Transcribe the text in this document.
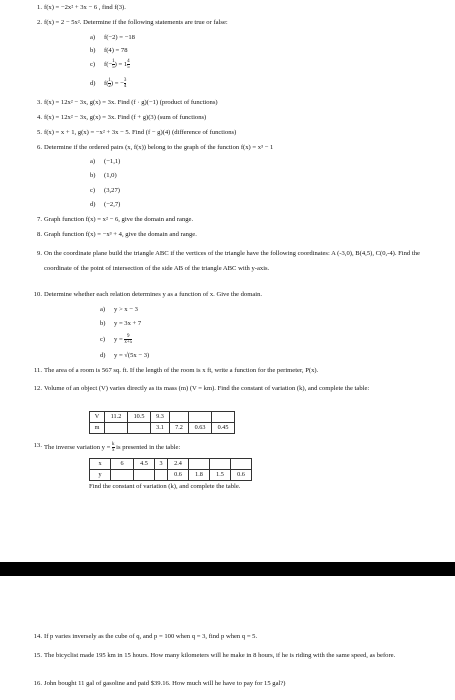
1. f(x) = −2x² + 3x − 6 , find f(3).
2. f(x) = 2 − 5x². Determine if the following statements are true or false:
a) f(−2) = −18
b) f(4) = 78
c) $f(- \frac{1}{5}$ ) = $1 \frac{4}{5}$
d) $f( \frac{1}{2}$ ) = − $\frac{3}{4}$
3. f(x) = 12x² − 3x, g(x) = 3x. Find (f · g)(−1) (product of functions)
4. f(x) = 12x² − 3x, g(x) = 3x. Find (f + g)(3) (sum of functions)
5. f(x) = x + 1, g(x) = −x² + 3x − 5. Find (f − g)(4) (difference of functions)
6. Determine if the ordered pairs (x, f(x)) belong to the graph of the function f(x) = x³ − 1
a) (−1,1)
b) (1,0)
c) (3,27)
d) (−2,7)
7. Graph function f(x) = x² − 6, give the domain and range.
8. Graph function f(x) = −x³ + 4, give the domain and range.
9. On the coordinate plane build the triangle ABC if the vertices of the triangle have the following coordinates: A (-3,0), B(4,5), C(0,-4). Find the coordinate of the point of intersection of the side AB of the triangle ABC with y-axis.
10. Determine whether each relation determines y as a function of x. Give the domain.
a) y > x − 3
b) y = 3x + 7
c) $y = \frac{9}{x+5}$
d) y = √(5x − 3)
11. The area of a room is 567 sq. ft. If the length of the room is x ft, write a function for the perimeter, P(x).
12. Volume of an object (V) varies directly as its mass (m) (V = km). Find the constant of variation (k), and complete the table:
V	11.2	10.5	9.3			
m			3.1	7.2	0.63	0.45
13. The inverse variation $y = \frac{k}{x}$ is presented in the table:
x	6	4.5	3	2.4			
y				0.6	1.8	1.5	0.6
Find the constant of variation (k), and complete the table.
14. If p varies inversely as the cube of q, and p = 100 when q = 3, find p when q = 5.
15. The bicyclist made 195 km in 15 hours. How many kilometers will he make in 8 hours, if he is riding with the same speed, as before.
16. John bought 11 gal of gasoline and paid $39.16. How much will he have to pay for 15 gal?)
